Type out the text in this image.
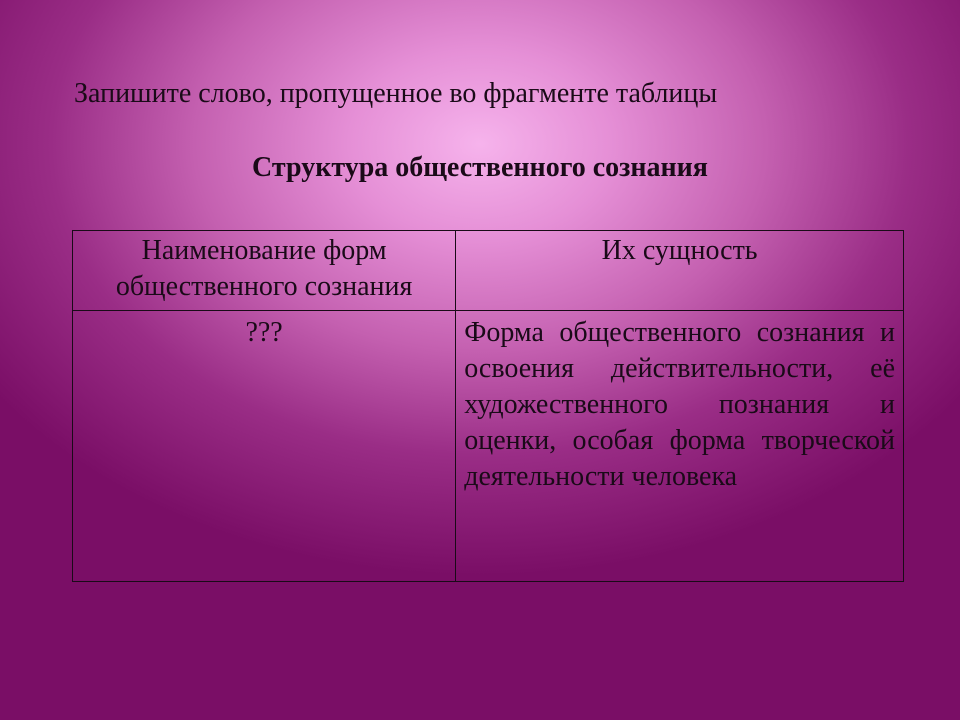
Запишите слово, пропущенное во фрагменте таблицы

Структура общественного сознания
Наименование форм общественного сознания	Их сущность
???	Форма общественного сознания и освоения действительности, её художественного познания и оценки, особая форма творческой деятельности человека
